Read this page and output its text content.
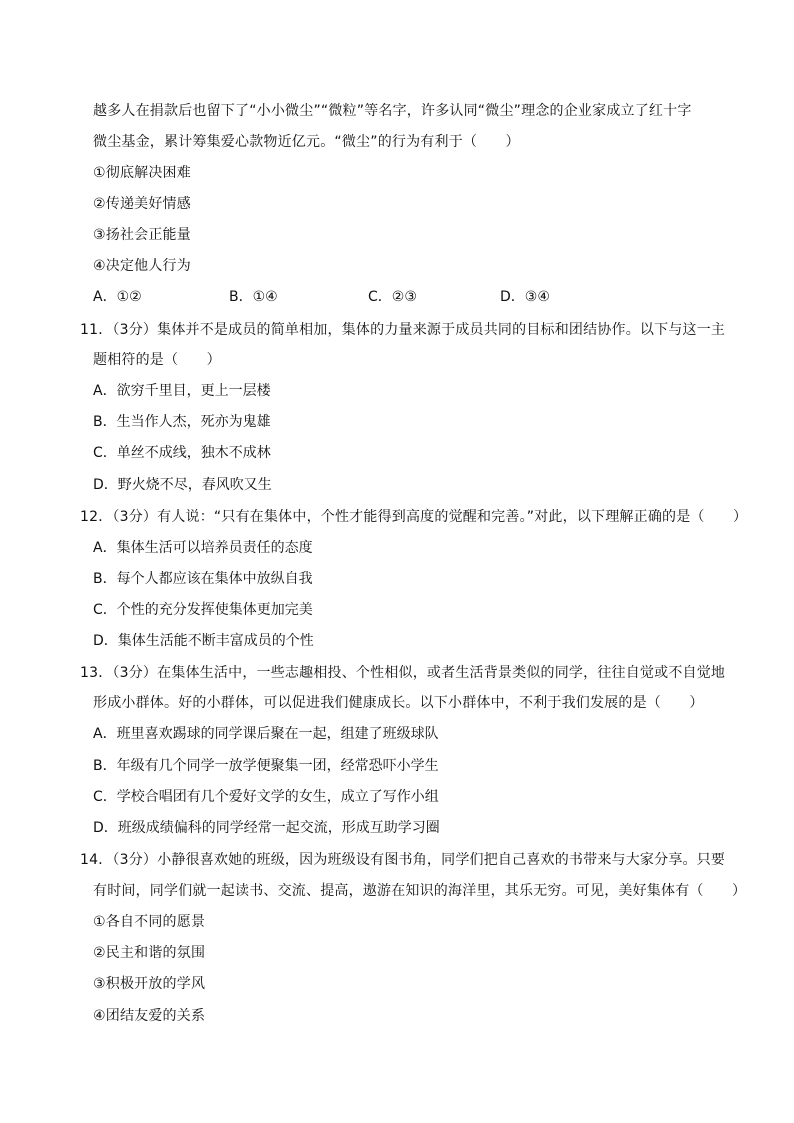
越多人在捐款后也留下了“小小微尘”“微粒”等名字，许多认同“微尘”理念的企业家成立了红十字
微尘基金，累计筹集爱心款物近亿元。“微尘”的行为有利于（　　）
①彻底解决困难
②传递美好情感
③扬社会正能量
④决定他人行为
A．①②	B．①④	C．②③	D．③④
11．（3分）集体并不是成员的简单相加，集体的力量来源于成员共同的目标和团结协作。以下与这一主
题相符的是（　　）
A．欲穷千里目，更上一层楼
B．生当作人杰，死亦为鬼雄
C．单丝不成线，独木不成林
D．野火烧不尽，春风吹又生
12．（3分）有人说：“只有在集体中，个性才能得到高度的觉醒和完善。”对此，以下理解正确的是（　　）
A．集体生活可以培养员责任的态度
B．每个人都应该在集体中放纵自我
C．个性的充分发挥使集体更加完美
D．集体生活能不断丰富成员的个性
13．（3分）在集体生活中，一些志趣相投、个性相似，或者生活背景类似的同学，往往自觉或不自觉地
形成小群体。好的小群体，可以促进我们健康成长。以下小群体中，不利于我们发展的是（　　）
A．班里喜欢踢球的同学课后聚在一起，组建了班级球队
B．年级有几个同学一放学便聚集一团，经常恐吓小学生
C．学校合唱团有几个爱好文学的女生，成立了写作小组
D．班级成绩偏科的同学经常一起交流，形成互助学习圈
14．（3分）小静很喜欢她的班级，因为班级设有图书角，同学们把自己喜欢的书带来与大家分享。只要
有时间，同学们就一起读书、交流、提高，遨游在知识的海洋里，其乐无穷。可见，美好集体有（　　）
①各自不同的愿景
②民主和谐的氛围
③积极开放的学风
④团结友爱的关系
